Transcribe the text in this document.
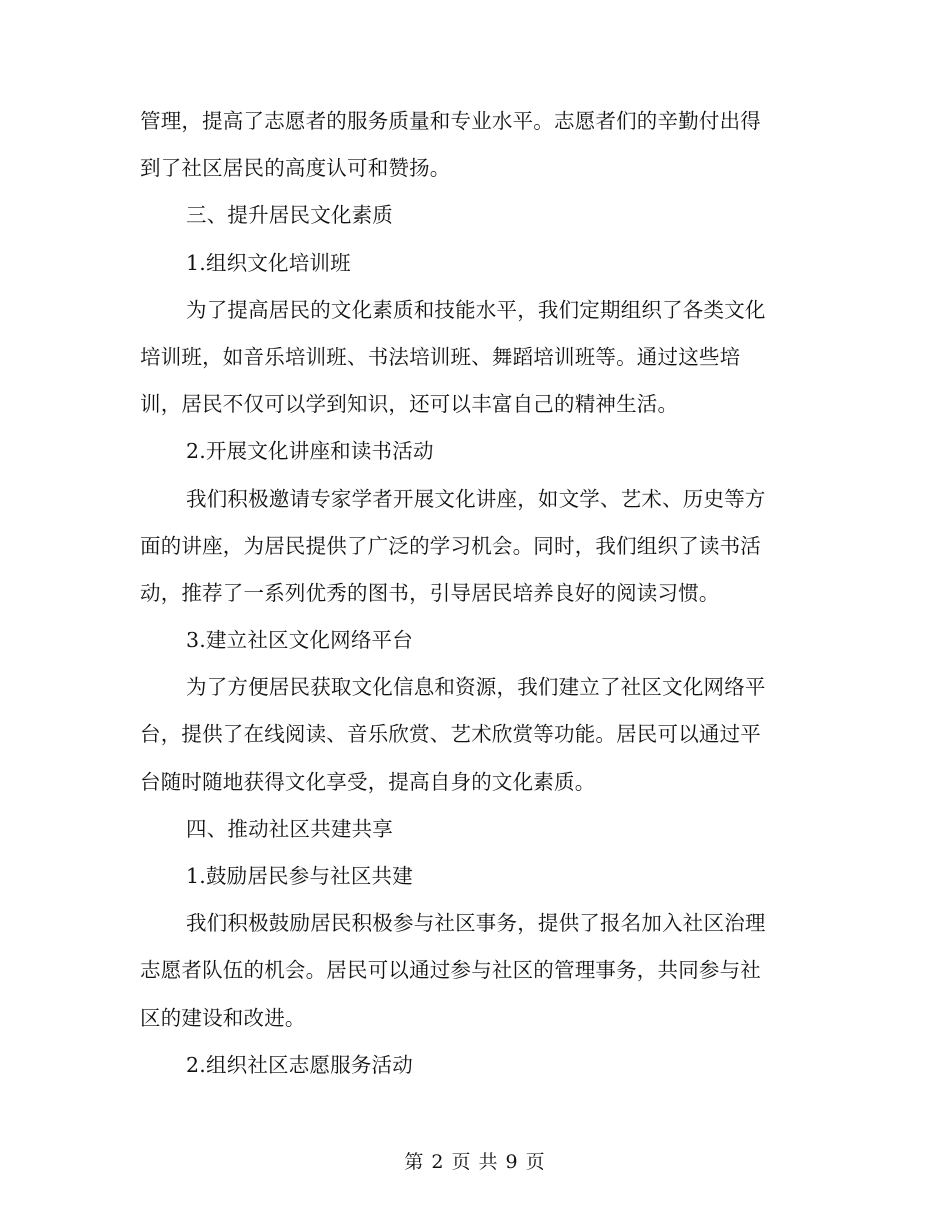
管理，提高了志愿者的服务质量和专业水平。志愿者们的辛勤付出得
到了社区居民的高度认可和赞扬。
三、提升居民文化素质
1.组织文化培训班
为了提高居民的文化素质和技能水平，我们定期组织了各类文化
培训班，如音乐培训班、书法培训班、舞蹈培训班等。通过这些培
训，居民不仅可以学到知识，还可以丰富自己的精神生活。
2.开展文化讲座和读书活动
我们积极邀请专家学者开展文化讲座，如文学、艺术、历史等方
面的讲座，为居民提供了广泛的学习机会。同时，我们组织了读书活
动，推荐了一系列优秀的图书，引导居民培养良好的阅读习惯。
3.建立社区文化网络平台
为了方便居民获取文化信息和资源，我们建立了社区文化网络平
台，提供了在线阅读、音乐欣赏、艺术欣赏等功能。居民可以通过平
台随时随地获得文化享受，提高自身的文化素质。
四、推动社区共建共享
1.鼓励居民参与社区共建
我们积极鼓励居民积极参与社区事务，提供了报名加入社区治理
志愿者队伍的机会。居民可以通过参与社区的管理事务，共同参与社
区的建设和改进。
2.组织社区志愿服务活动
第 2 页 共 9 页
